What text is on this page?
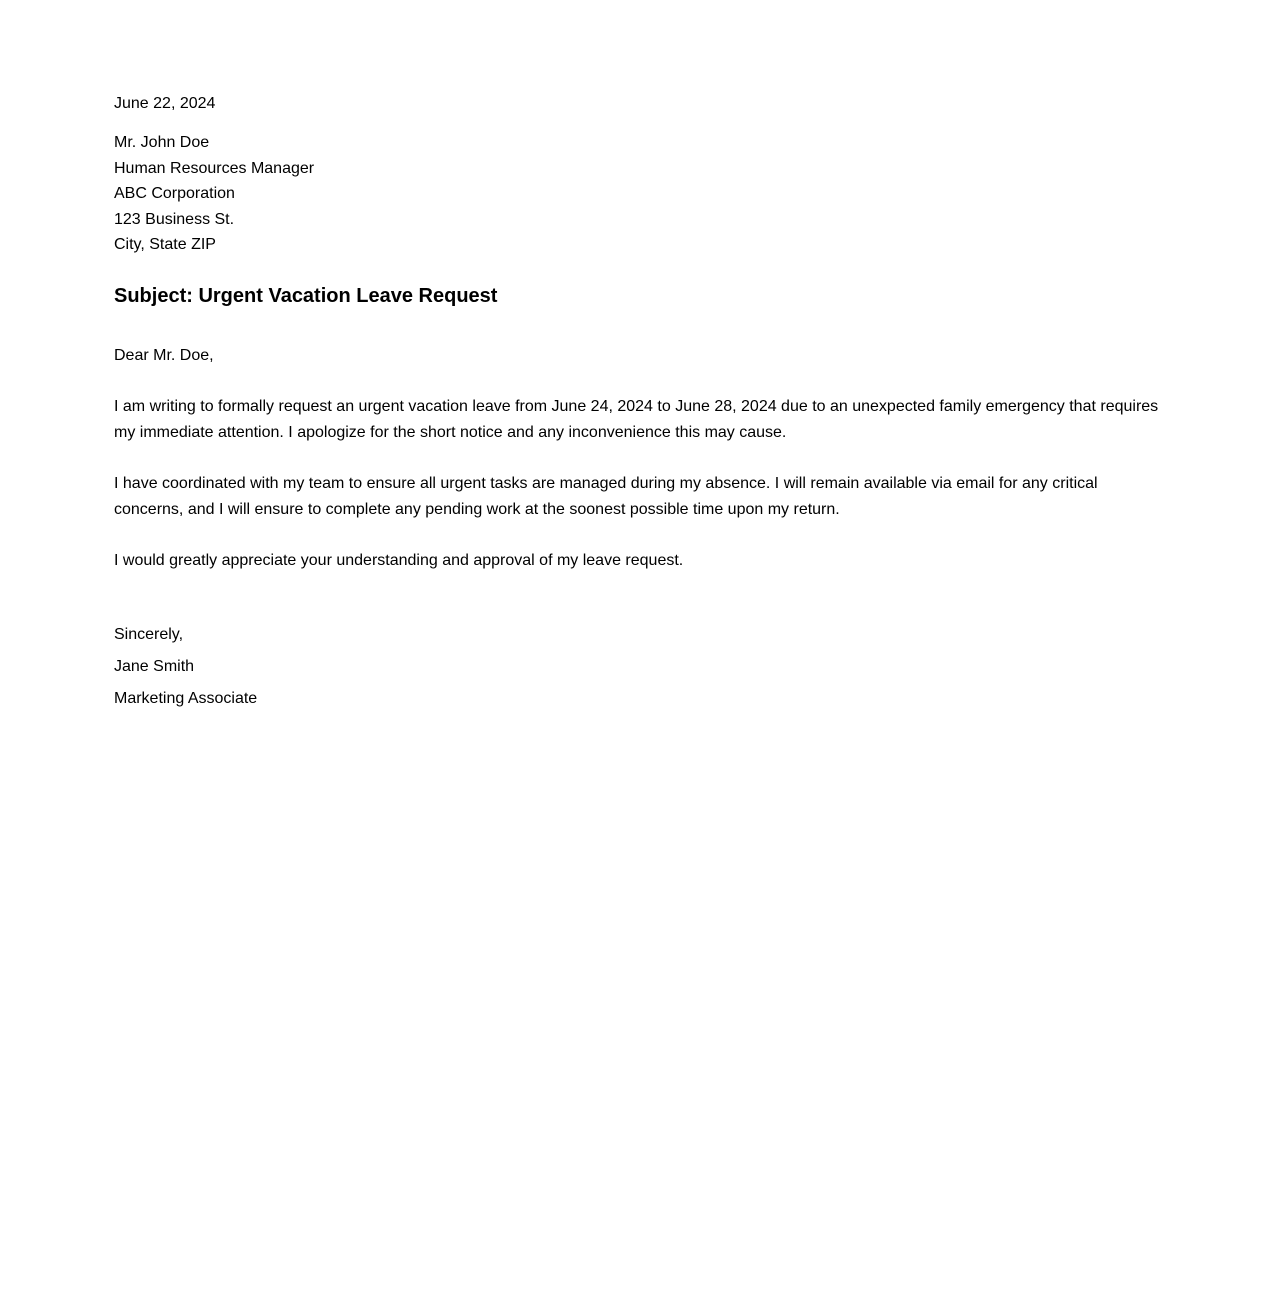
June 22, 2024

Mr. John Doe
Human Resources Manager
ABC Corporation
123 Business St.
City, State ZIP
Subject: Urgent Vacation Leave Request

Dear Mr. Doe,

I am writing to formally request an urgent vacation leave from June 24, 2024 to June 28, 2024 due to an unexpected family emergency that requires my immediate attention. I apologize for the short notice and any inconvenience this may cause.

I have coordinated with my team to ensure all urgent tasks are managed during my absence. I will remain available via email for any critical concerns, and I will ensure to complete any pending work at the soonest possible time upon my return.

I would greatly appreciate your understanding and approval of my leave request.

Sincerely,
Jane Smith
Marketing Associate
